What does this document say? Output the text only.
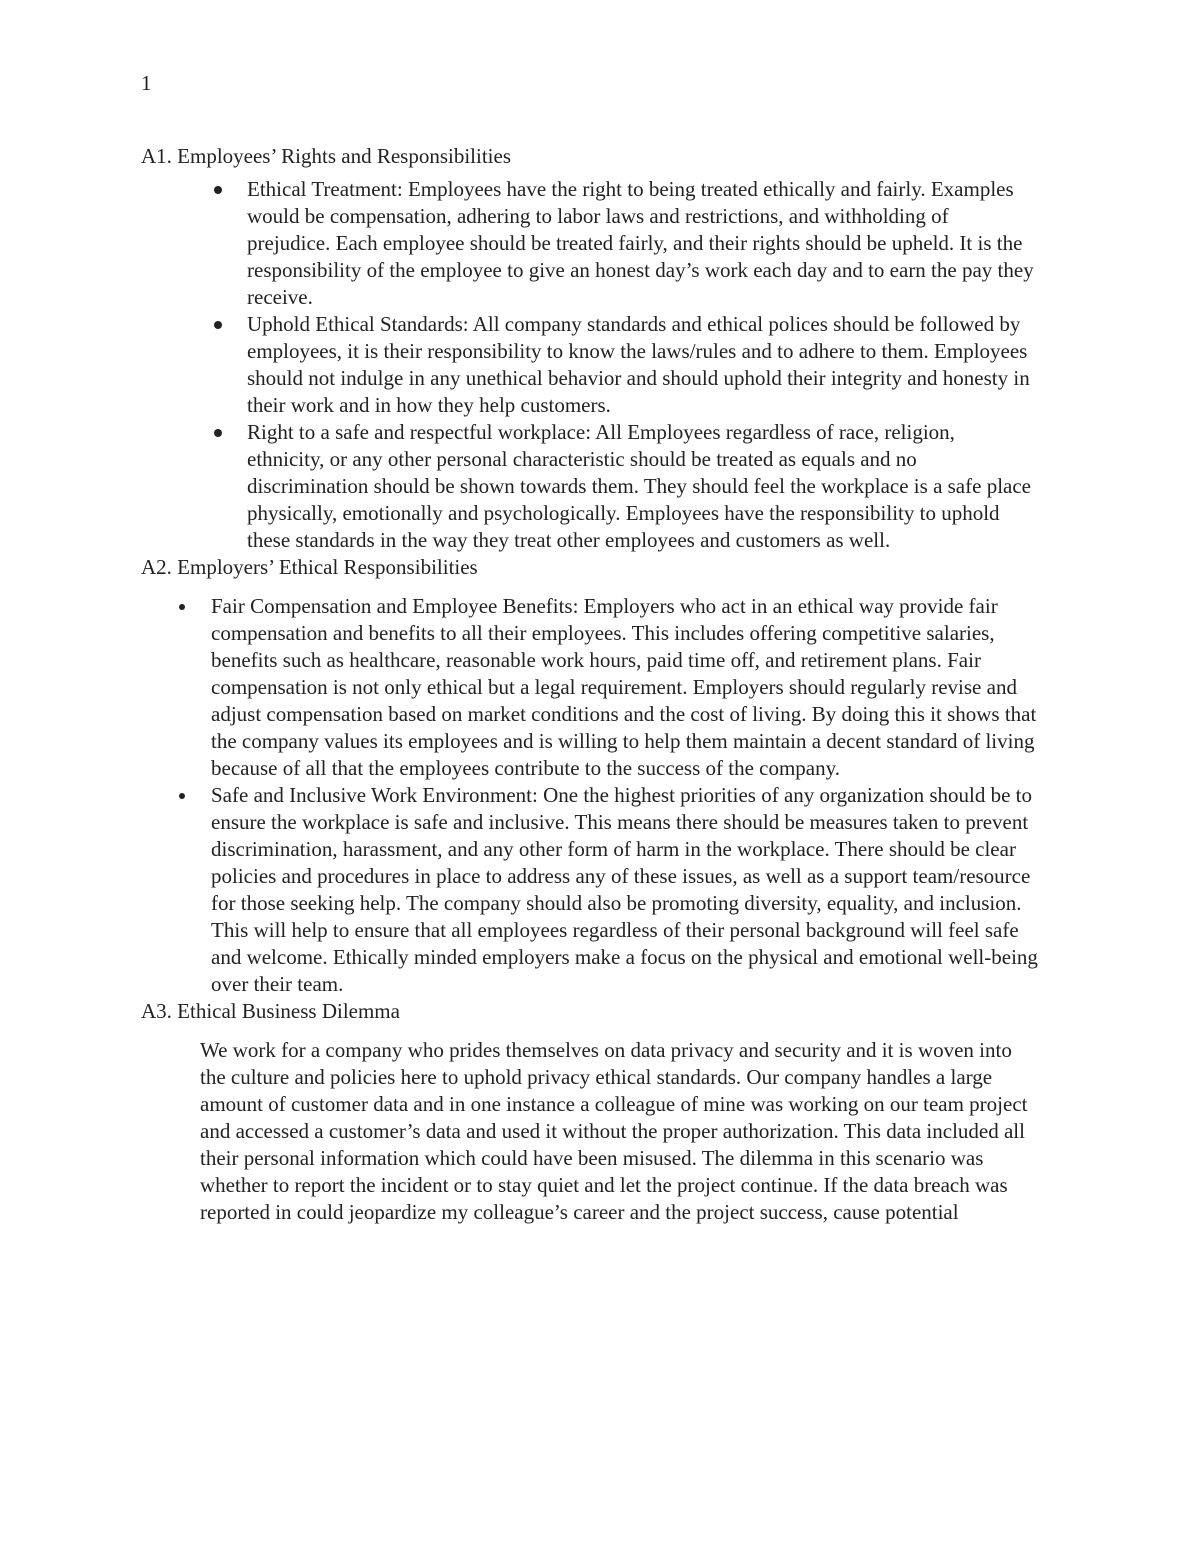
1
A1. Employees’ Rights and Responsibilities
Ethical Treatment: Employees have the right to being treated ethically and fairly. Examples would be compensation, adhering to labor laws and restrictions, and withholding of prejudice. Each employee should be treated fairly, and their rights should be upheld. It is the responsibility of the employee to give an honest day’s work each day and to earn the pay they receive.
Uphold Ethical Standards: All company standards and ethical polices should be followed by employees, it is their responsibility to know the laws/rules and to adhere to them. Employees should not indulge in any unethical behavior and should uphold their integrity and honesty in their work and in how they help customers.
Right to a safe and respectful workplace: All Employees regardless of race, religion, ethnicity, or any other personal characteristic should be treated as equals and no discrimination should be shown towards them. They should feel the workplace is a safe place physically, emotionally and psychologically. Employees have the responsibility to uphold these standards in the way they treat other employees and customers as well.
A2. Employers’ Ethical Responsibilities
Fair Compensation and Employee Benefits: Employers who act in an ethical way provide fair compensation and benefits to all their employees. This includes offering competitive salaries, benefits such as healthcare, reasonable work hours, paid time off, and retirement plans. Fair compensation is not only ethical but a legal requirement. Employers should regularly revise and adjust compensation based on market conditions and the cost of living. By doing this it shows that the company values its employees and is willing to help them maintain a decent standard of living because of all that the employees contribute to the success of the company.
Safe and Inclusive Work Environment: One the highest priorities of any organization should be to ensure the workplace is safe and inclusive. This means there should be measures taken to prevent discrimination, harassment, and any other form of harm in the workplace. There should be clear policies and procedures in place to address any of these issues, as well as a support team/resource for those seeking help. The company should also be promoting diversity, equality, and inclusion. This will help to ensure that all employees regardless of their personal background will feel safe and welcome. Ethically minded employers make a focus on the physical and emotional well-being over their team.
A3. Ethical Business Dilemma

We work for a company who prides themselves on data privacy and security and it is woven into the culture and policies here to uphold privacy ethical standards. Our company handles a large amount of customer data and in one instance a colleague of mine was working on our team project and accessed a customer’s data and used it without the proper authorization. This data included all their personal information which could have been misused. The dilemma in this scenario was whether to report the incident or to stay quiet and let the project continue. If the data breach was reported in could jeopardize my colleague’s career and the project success, cause potential
